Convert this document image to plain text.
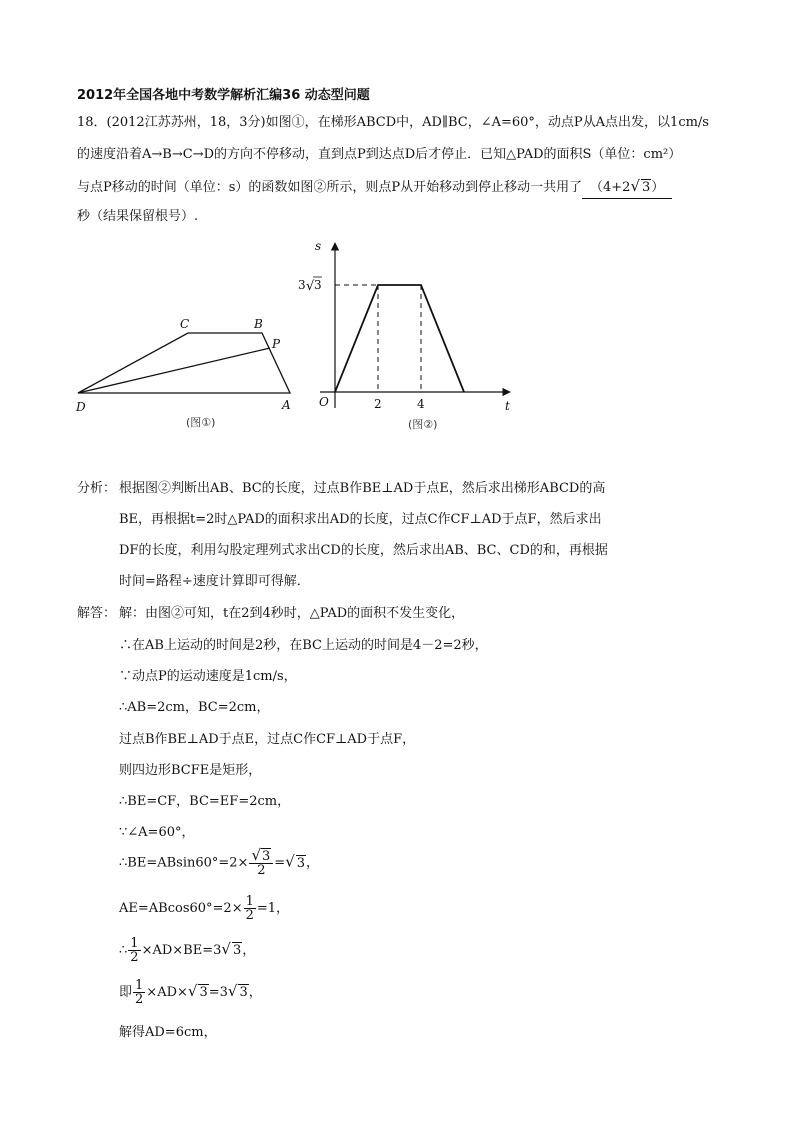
2012年全国各地中考数学解析汇编36 动态型问题
18．(2012江苏苏州，18，3分)如图①，在梯形ABCD中，AD∥BC，∠A=60°，动点P从A点出发，以1cm/s
的速度沿着A→B→C→D的方向不停移动，直到点P到达点D后才停止．已知△PAD的面积S（单位：cm²）
与点P移动的时间（单位：s）的函数如图②所示，则点P从开始移动到停止移动一共用了 （4+2√ 3）
秒（结果保留根号）.
C	B
P
D	A
(图①)
2	4
s
t
O
3 √ 3
(图②)
分析： 根据图②判断出AB、BC的长度，过点B作BE⊥AD于点E，然后求出梯形ABCD的高
BE，再根据t=2时△PAD的面积求出AD的长度，过点C作CF⊥AD于点F，然后求出
DF的长度，利用勾股定理列式求出CD的长度，然后求出AB、BC、CD的和，再根据
时间=路程÷速度计算即可得解．
解答： 解：由图②可知，t在2到4秒时，△PAD的面积不发生变化，
∴在AB上运动的时间是2秒，在BC上运动的时间是4－2=2秒，
∵动点P的运动速度是1cm/s，
∴AB=2cm，BC=2cm，
过点B作BE⊥AD于点E，过点C作CF⊥AD于点F，
则四边形BCFE是矩形，
∴BE=CF，BC=EF=2cm，
∵∠A=60°，
∴BE=ABsin60°=2× $\frac{√3}{2}$ =√ 3，
$AE=ABcos60^\circ=2\times \frac{1}{2} =1$，
∴ $\frac{1}{2} \times AD\times BE=3√$ 3，
即 $\frac{1}{2} \times AD\times√$ 3=3√ 3，
解得AD=6cm，
